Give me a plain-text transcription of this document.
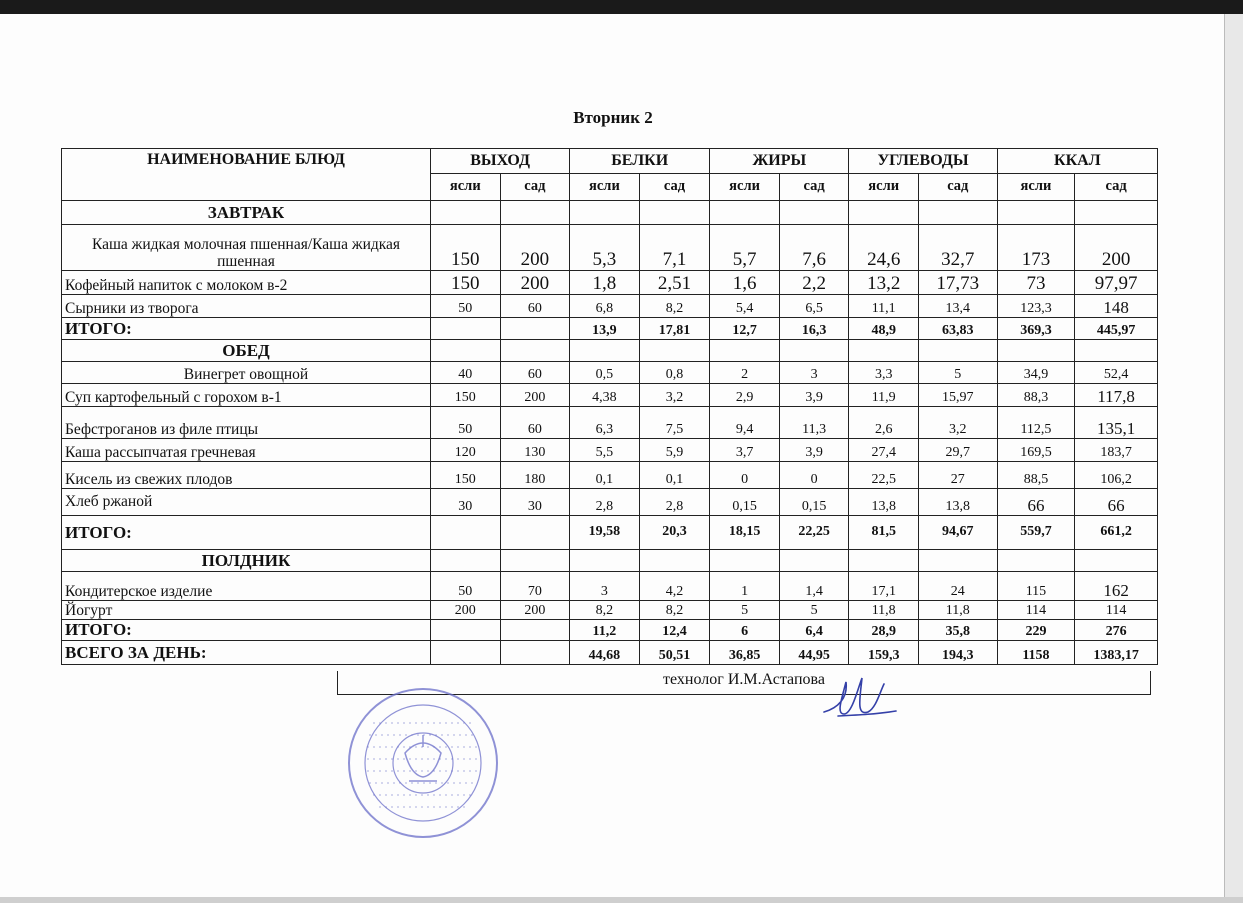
Вторник 2
НАИМЕНОВАНИЕ БЛЮД	ВЫХОД		БЕЛКИ		ЖИРЫ		УГЛЕВОДЫ		ККАЛ	
	ясли	сад	ясли	сад	ясли	сад	ясли	сад	ясли	сад
ЗАВТРАК										
Каша жидкая молочная пшенная/Каша жидкая пшенная	150	200	5,3	7,1	5,7	7,6	24,6	32,7	173	200
Кофейный напиток с молоком в-2	150	200	1,8	2,51	1,6	2,2	13,2	17,73	73	97,97
Сырники из творога	50	60	6,8	8,2	5,4	6,5	11,1	13,4	123,3	148
ИТОГО:			13,9	17,81	12,7	16,3	48,9	63,83	369,3	445,97
ОБЕД										
Винегрет овощной	40	60	0,5	0,8	2	3	3,3	5	34,9	52,4
Суп картофельный с горохом в-1	150	200	4,38	3,2	2,9	3,9	11,9	15,97	88,3	117,8
Бефстроганов из филе птицы	50	60	6,3	7,5	9,4	11,3	2,6	3,2	112,5	135,1
Каша рассыпчатая гречневая	120	130	5,5	5,9	3,7	3,9	27,4	29,7	169,5	183,7
Кисель из свежих плодов	150	180	0,1	0,1	0	0	22,5	27	88,5	106,2
Хлеб ржаной	30	30	2,8	2,8	0,15	0,15	13,8	13,8	66	66
ИТОГО:			19,58	20,3	18,15	22,25	81,5	94,67	559,7	661,2
ПОЛДНИК										
Кондитерское изделие	50	70	3	4,2	1	1,4	17,1	24	115	162
Йогурт	200	200	8,2	8,2	5	5	11,8	11,8	114	114
ИТОГО:			11,2	12,4	6	6,4	28,9	35,8	229	276
ВСЕГО ЗА ДЕНЬ:			44,68	50,51	36,85	44,95	159,3	194,3	1158	1383,17
технолог И.М.Астапова
